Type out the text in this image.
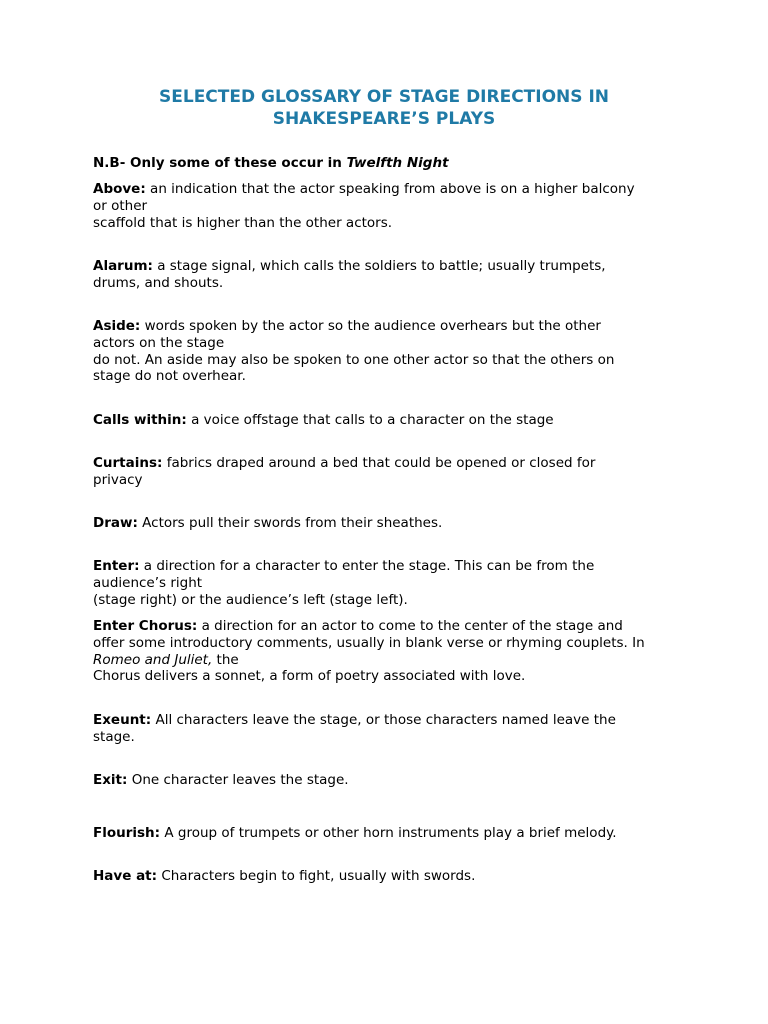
SELECTED GLOSSARY OF STAGE DIRECTIONS IN
SHAKESPEARE’S PLAYS
N.B- Only some of these occur in Twelfth Night
Above: an indication that the actor speaking from above is on a higher balcony
or other
scaffold that is higher than the other actors.
Alarum: a stage signal, which calls the soldiers to battle; usually trumpets,
drums, and shouts.
Aside: words spoken by the actor so the audience overhears but the other
actors on the stage
do not. An aside may also be spoken to one other actor so that the others on
stage do not overhear.
Calls within: a voice offstage that calls to a character on the stage
Curtains: fabrics draped around a bed that could be opened or closed for
privacy
Draw: Actors pull their swords from their sheathes.
Enter: a direction for a character to enter the stage. This can be from the
audience’s right
(stage right) or the audience’s left (stage left).
Enter Chorus: a direction for an actor to come to the center of the stage and
offer some introductory comments, usually in blank verse or rhyming couplets. In
Romeo and Juliet, the
Chorus delivers a sonnet, a form of poetry associated with love.
Exeunt: All characters leave the stage, or those characters named leave the
stage.
Exit: One character leaves the stage.
Flourish: A group of trumpets or other horn instruments play a brief melody.
Have at: Characters begin to fight, usually with swords.
